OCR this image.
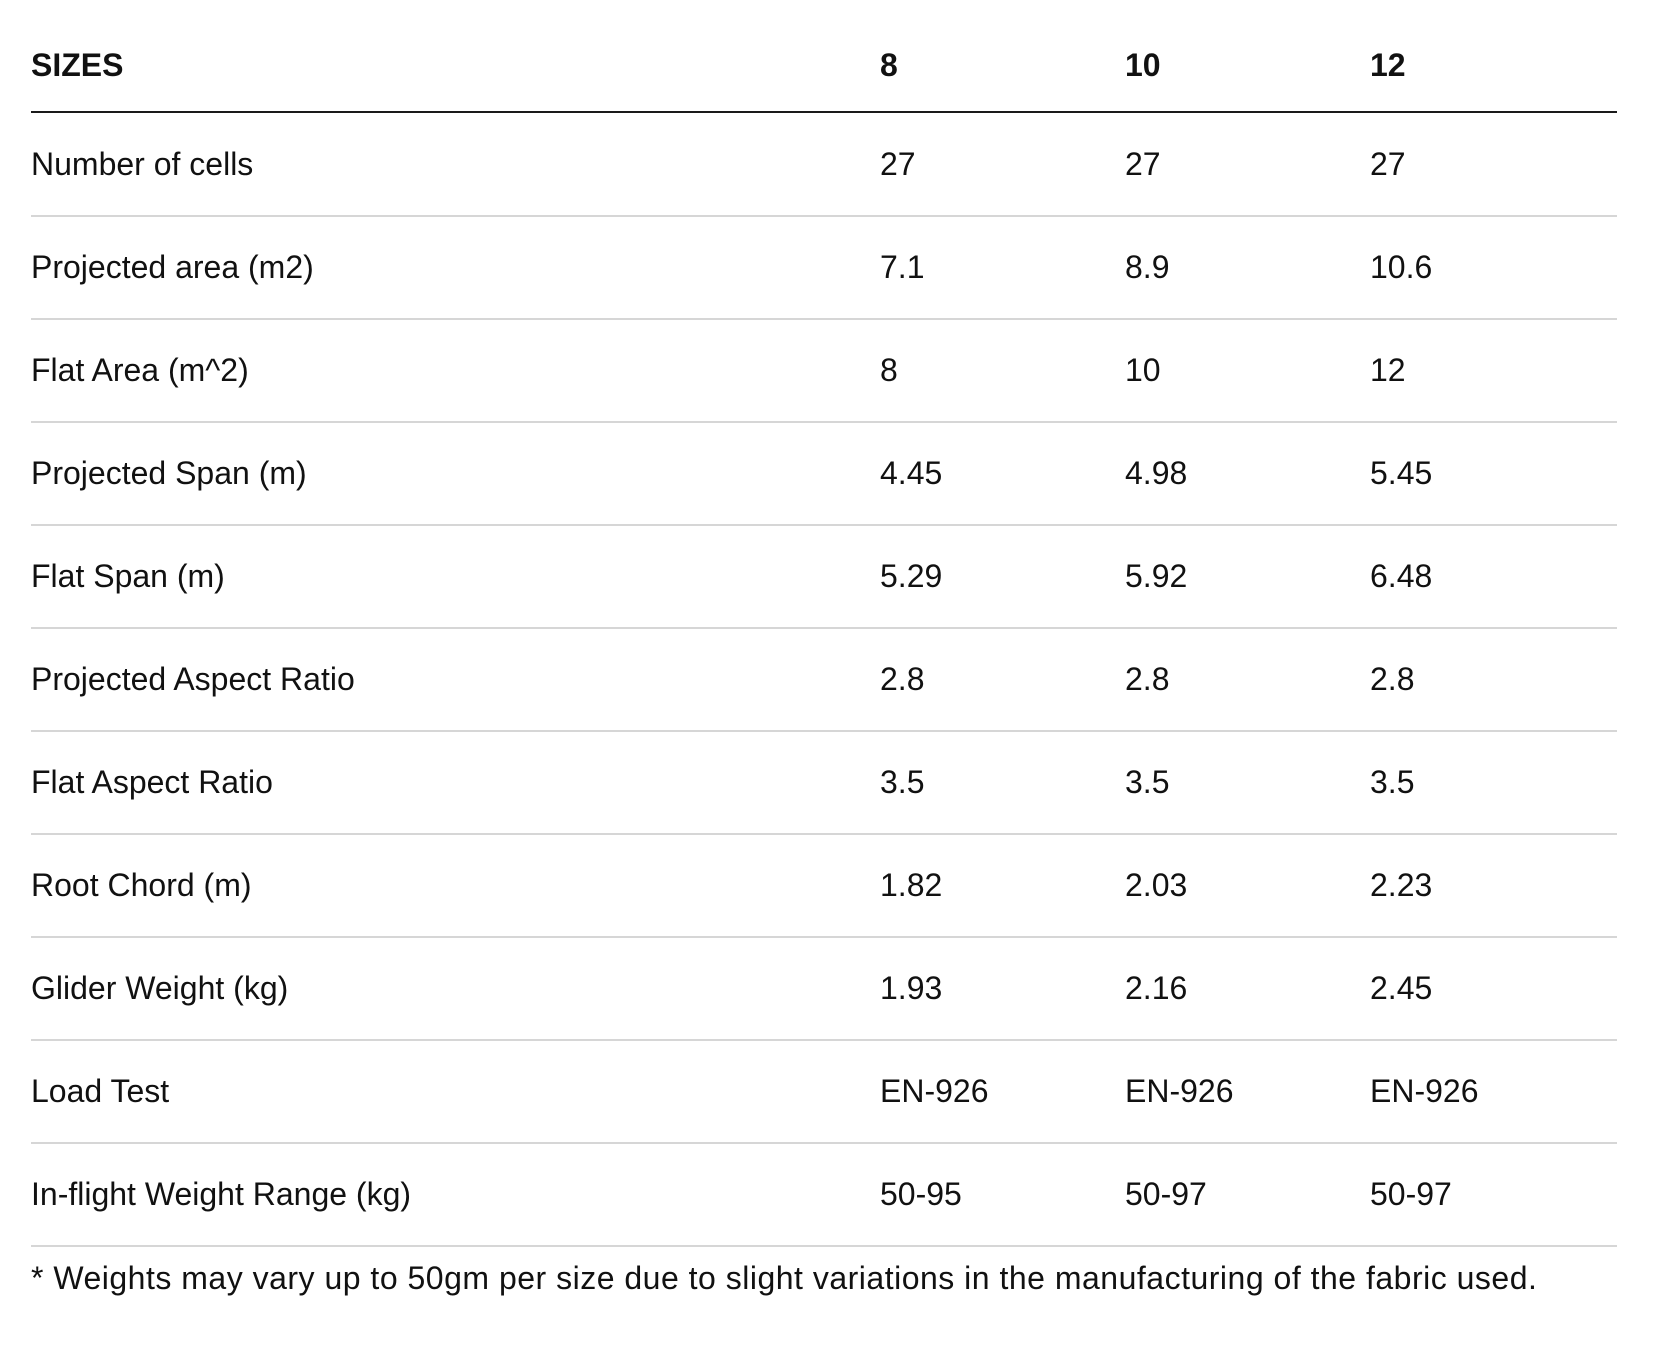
SIZES	8	10	12
Number of cells	27	27	27
Projected area (m2)	7.1	8.9	10.6
Flat Area (m^2)	8	10	12
Projected Span (m)	4.45	4.98	5.45
Flat Span (m)	5.29	5.92	6.48
Projected Aspect Ratio	2.8	2.8	2.8
Flat Aspect Ratio	3.5	3.5	3.5
Root Chord (m)	1.82	2.03	2.23
Glider Weight (kg)	1.93	2.16	2.45
Load Test	EN-926	EN-926	EN-926
In-flight Weight Range (kg)	50-95	50-97	50-97

* Weights may vary up to 50gm per size due to slight variations in the manufacturing of the fabric used.
